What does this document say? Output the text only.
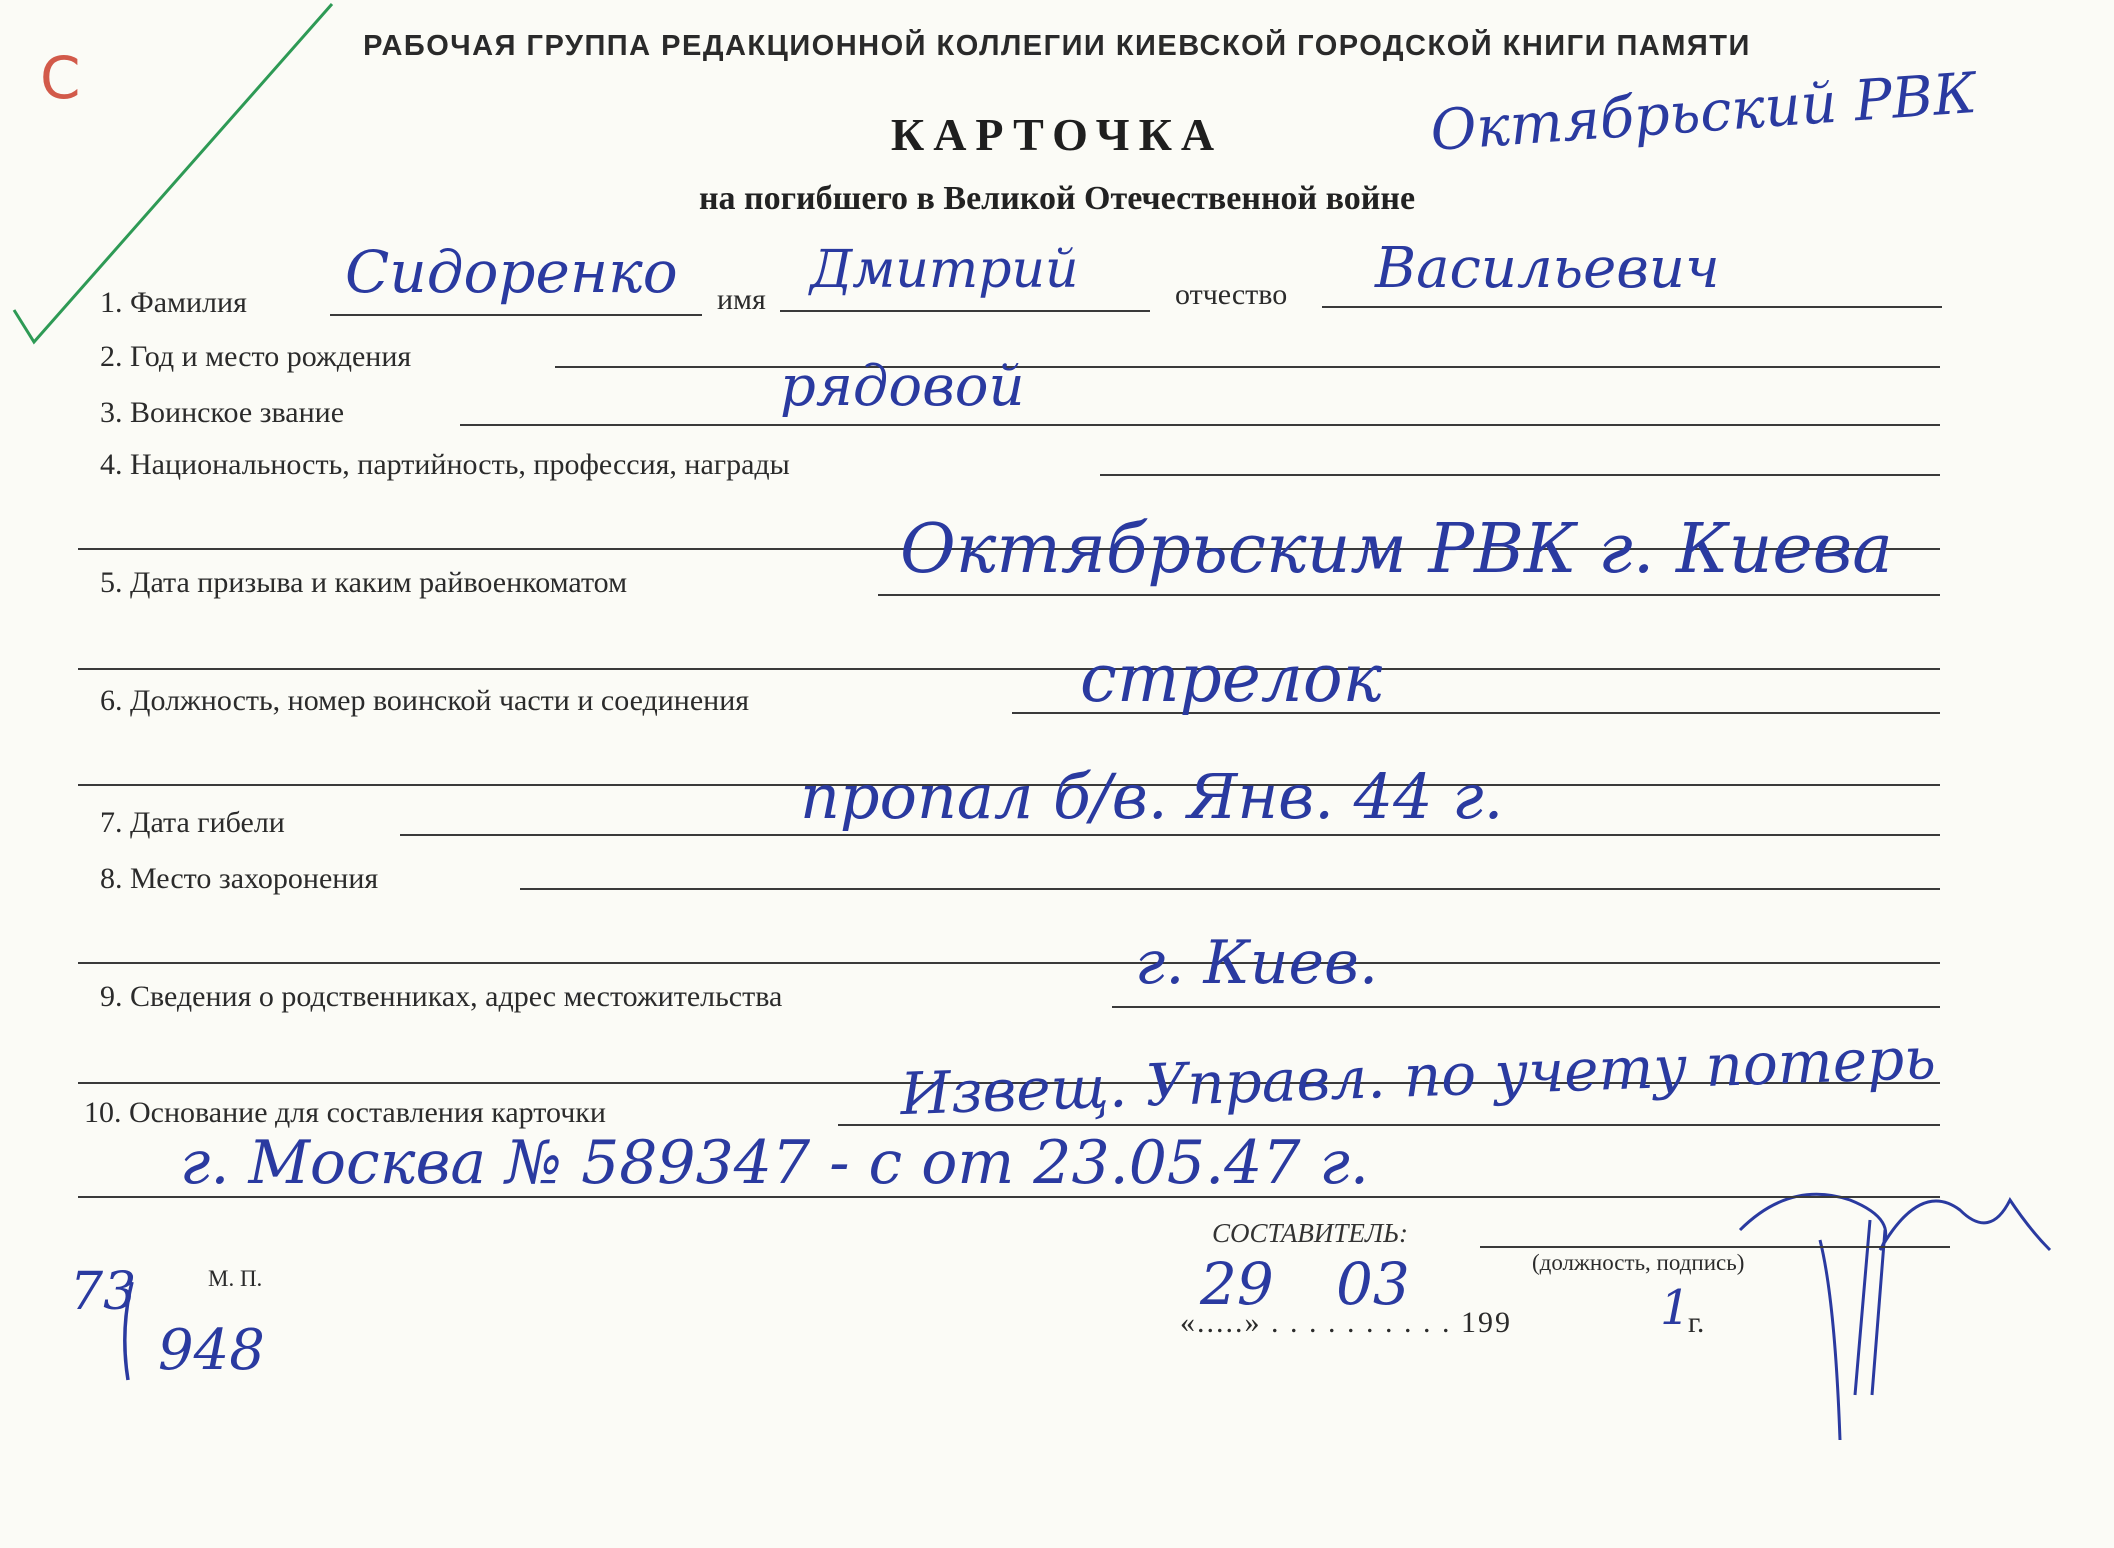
РАБОЧАЯ ГРУППА РЕДАКЦИОННОЙ КОЛЛЕГИИ КИЕВСКОЙ ГОРОДСКОЙ КНИГИ ПАМЯТИ
КАРТОЧКА
на погибшего в Великой Отечественной войне
С	Октябрьский РВК
1. Фамилия Сидоренко имя Дмитрий	отчество Васильевич
2. Год и место рождения
3. Воинское звание	рядовой
4. Национальность, партийность, профессия, награды
5. Дата призыва и каким райвоенкоматом	Октябрьским РВК г. Киева
6. Должность, номер воинской части и соединения	стрелок
7. Дата гибели	пропал б/в. Янв. 44 г.
8. Место захоронения
9. Сведения о родственниках, адрес местожительства	г. Киев.
10. Основание для составления карточки	Извещ. Управл. по учету потерь
г. Москва № 589347 - с от 23.05.47 г.
73
948
М. П.
СОСТАВИТЕЛЬ:
(должность, подпись)
«.....» . . . . . . . . . . 199	г.
29 03	1
